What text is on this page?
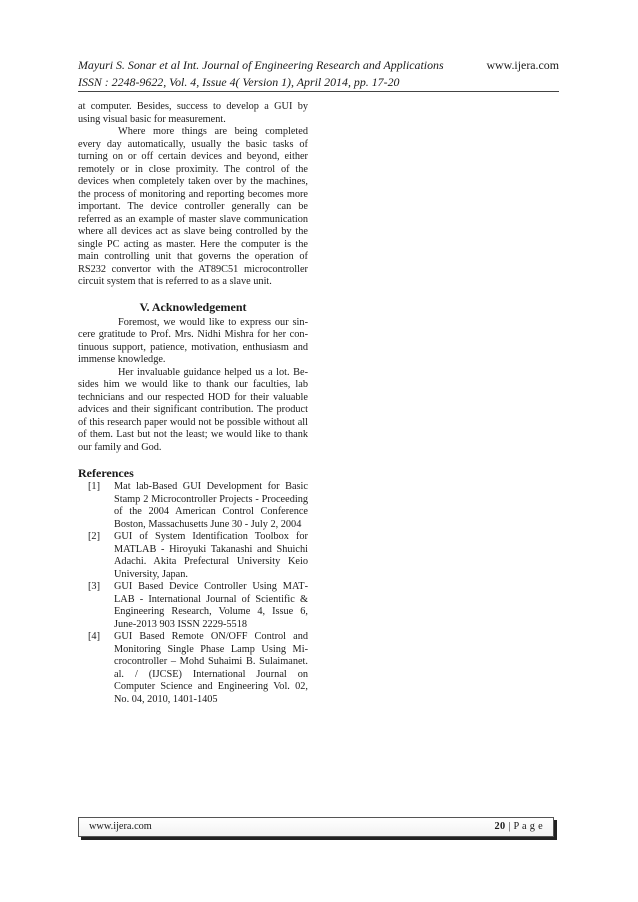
Mayuri S. Sonar et al Int. Journal of Engineering Research and Applications	www.ijera.com
ISSN : 2248-9622, Vol. 4, Issue 4( Version 1), April 2014, pp. 17-20

at computer. Besides, success to develop a GUI by using visual basic for measurement.

Where more things are being completed every day automatically, usually the basic tasks of turning on or off certain devices and beyond, either remotely or in close proximity. The control of the devices when completely taken over by the machines, the process of monitoring and reporting becomes more important. The device controller generally can be referred as an example of master slave communication where all devices act as slave being controlled by the single PC acting as master. Here the computer is the main controlling unit that governs the operation of RS232 convertor with the AT89C51 microcontroller circuit system that is referred to as a slave unit.

V. Acknowledgement

Foremost, we would like to express our sincere gratitude to Prof. Mrs. Nidhi Mishra for her continuous support, patience, motivation, enthusiasm and immense knowledge.

Her invaluable guidance helped us a lot. Besides him we would like to thank our faculties, lab technicians and our respected HOD for their valuable advices and their significant contribution. The product of this research paper would not be possible without all of them. Last but not the least; we would like to thank our family and God.

References
[1]	Mat lab-Based GUI Development for Basic Stamp 2 Microcontroller Projects - Proceeding of the 2004 American Control Conference Boston, Massachusetts June 30 - July 2, 2004
[2]	GUI of System Identification Toolbox for MATLAB - Hiroyuki Takanashi and Shuichi Adachi. Akita Prefectural University Keio University, Japan.
[3]	GUI Based Device Controller Using MATLAB - International Journal of Scientific & Engineering Research, Volume 4, Issue 6, June-2013 903 ISSN 2229-5518
[4]	GUI Based Remote ON/OFF Control and Monitoring Single Phase Lamp Using Microcontroller – Mohd Suhaimi B. Sulaimanet. al. / (IJCSE) International Journal on Computer Science and Engineering Vol. 02, No. 04, 2010, 1401-1405
www.ijera.com	20 | P a g e
